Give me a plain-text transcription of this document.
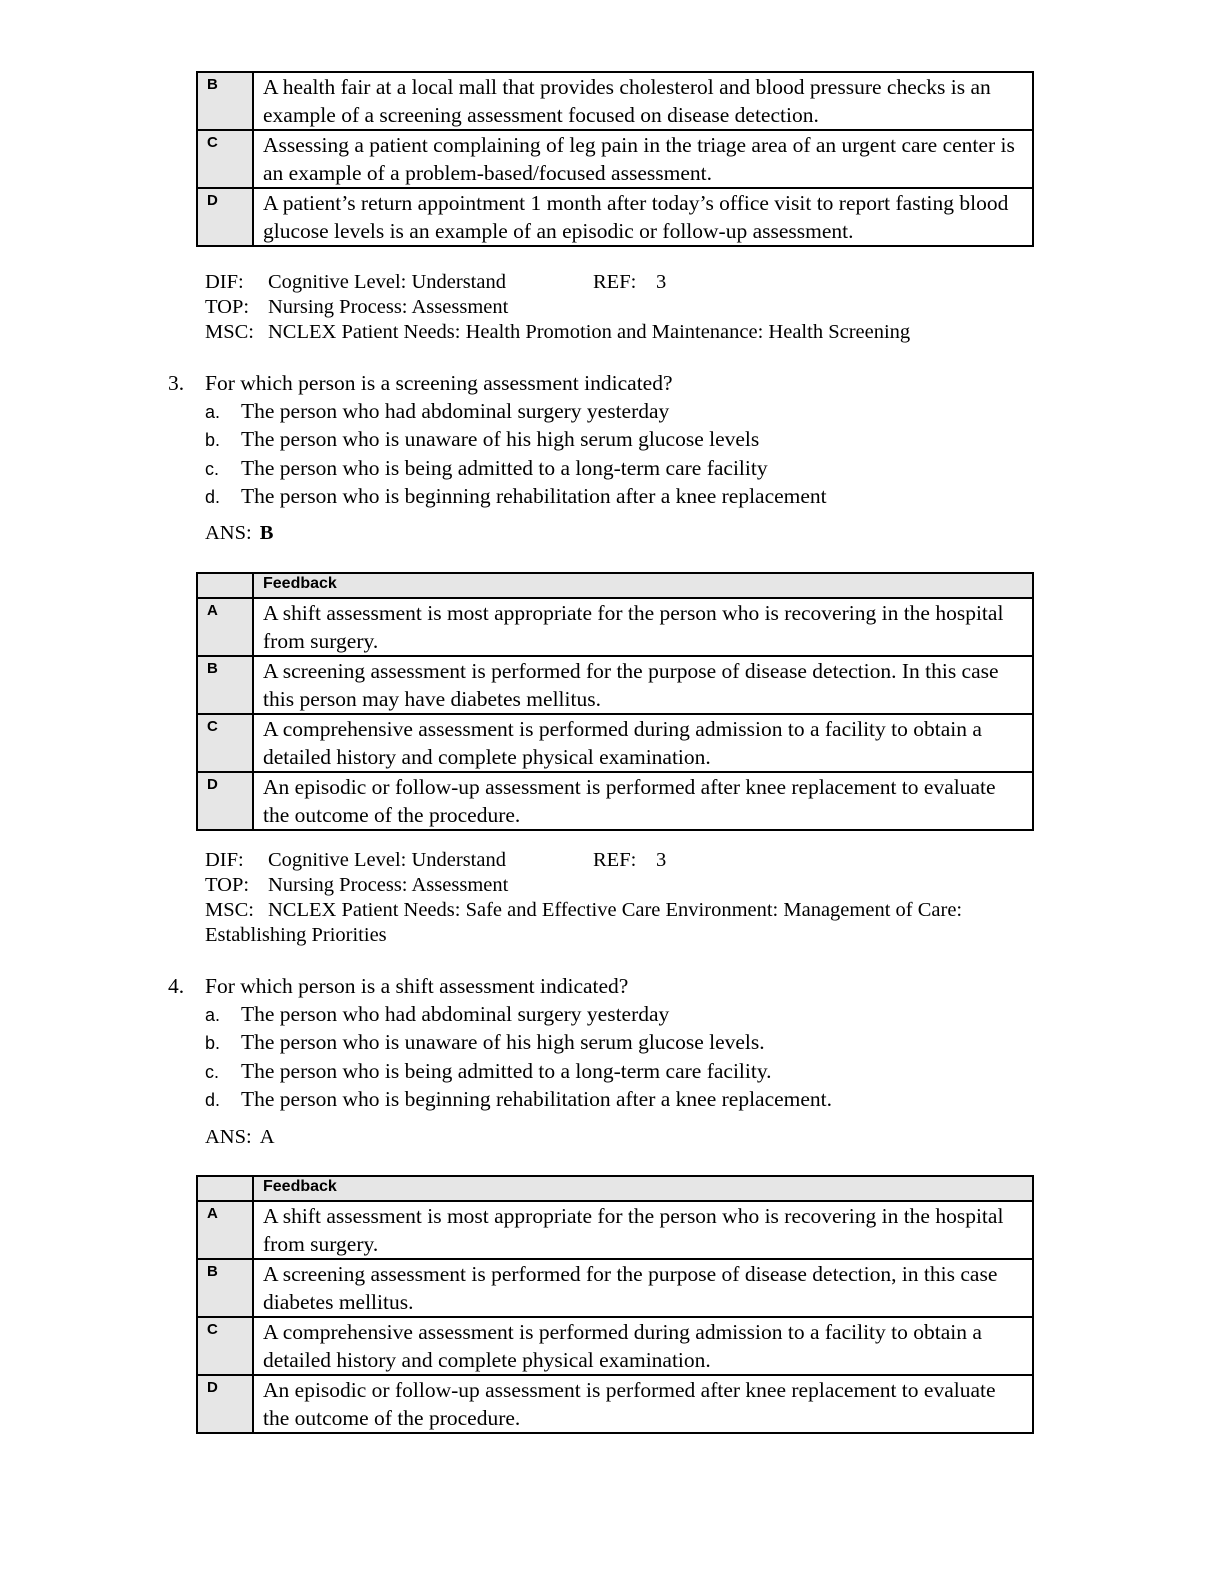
B	A health fair at a local mall that provides cholesterol and blood pressure checks is an example of a screening assessment focused on disease detection.
C	Assessing a patient complaining of leg pain in the triage area of an urgent care center is an example of a problem-based/focused assessment.
D	A patient’s return appointment 1 month after today’s office visit to report fasting blood glucose levels is an example of an episodic or follow-up assessment.
DIF: Cognitive Level: Understand	REF: 3
TOP: Nursing Process: Assessment
MSC: NCLEX Patient Needs: Health Promotion and Maintenance: Health Screening
3. For which person is a screening assessment indicated?
a. The person who had abdominal surgery yesterday
b. The person who is unaware of his high serum glucose levels
c. The person who is being admitted to a long-term care facility
d. The person who is beginning rehabilitation after a knee replacement
ANS: B
	Feedback
A	A shift assessment is most appropriate for the person who is recovering in the hospital from surgery.
B	A screening assessment is performed for the purpose of disease detection. In this case this person may have diabetes mellitus.
C	A comprehensive assessment is performed during admission to a facility to obtain a detailed history and complete physical examination.
D	An episodic or follow-up assessment is performed after knee replacement to evaluate the outcome of the procedure.
DIF: Cognitive Level: Understand	REF: 3
TOP: Nursing Process: Assessment
MSC: NCLEX Patient Needs: Safe and Effective Care Environment: Management of Care:
Establishing Priorities
4. For which person is a shift assessment indicated?
a. The person who had abdominal surgery yesterday
b. The person who is unaware of his high serum glucose levels.
c. The person who is being admitted to a long-term care facility.
d. The person who is beginning rehabilitation after a knee replacement.
ANS: A
	Feedback
A	A shift assessment is most appropriate for the person who is recovering in the hospital from surgery.
B	A screening assessment is performed for the purpose of disease detection, in this case diabetes mellitus.
C	A comprehensive assessment is performed during admission to a facility to obtain a detailed history and complete physical examination.
D	An episodic or follow-up assessment is performed after knee replacement to evaluate the outcome of the procedure.
